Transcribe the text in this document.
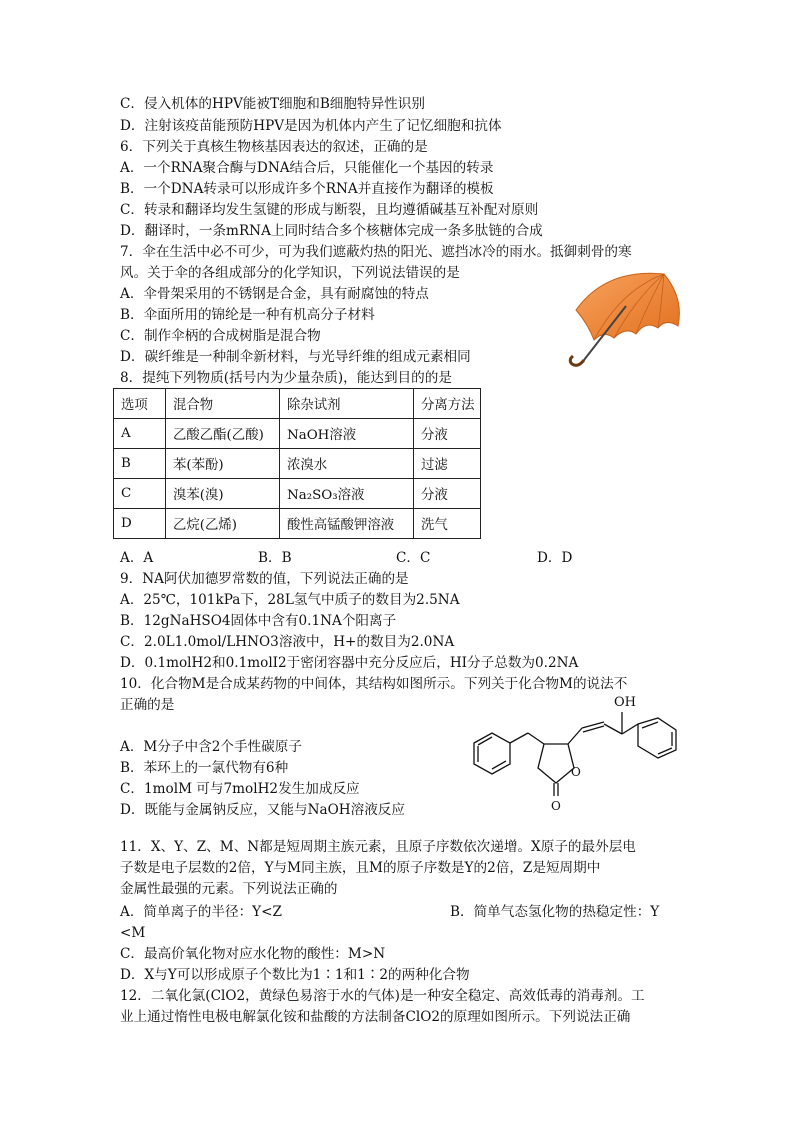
C．侵入机体的HPV能被T细胞和B细胞特异性识别
D．注射该疫苗能预防HPV是因为机体内产生了记忆细胞和抗体
6．下列关于真核生物核基因表达的叙述，正确的是
A．一个RNA聚合酶与DNA结合后，只能催化一个基因的转录
B．一个DNA转录可以形成许多个RNA并直接作为翻译的模板
C．转录和翻译均发生氢键的形成与断裂，且均遵循碱基互补配对原则
D．翻译时，一条mRNA上同时结合多个核糖体完成一条多肽链的合成
7．伞在生活中必不可少，可为我们遮蔽灼热的阳光、遮挡冰冷的雨水。抵御刺骨的寒
风。关于伞的各组成部分的化学知识，下列说法错误的是
A．伞骨架采用的不锈钢是合金，具有耐腐蚀的特点
B．伞面所用的锦纶是一种有机高分子材料
C．制作伞柄的合成树脂是混合物
D．碳纤维是一种制伞新材料，与光导纤维的组成元素相同
8．提纯下列物质(括号内为少量杂质)，能达到目的的是
选项	混合物	除杂试剂	分离方法
A	乙酸乙酯(乙酸)	NaOH溶液	分液
B	苯(苯酚)	浓溴水	过滤
C	溴苯(溴)	Na₂SO₃溶液	分液
D	乙烷(乙烯)	酸性高锰酸钾溶液	洗气
A．A	B．B	C．C	D．D
9．NA阿伏加德罗常数的值，下列说法正确的是
A．25℃，101kPa下，28L氢气中质子的数目为2.5NA
B．12gNaHSO4固体中含有0.1NA个阳离子
C．2.0L1.0mol/LHNO3溶液中，H+的数目为2.0NA
D．0.1molH2和0.1molI2于密闭容器中充分反应后，HI分子总数为0.2NA
10．化合物M是合成某药物的中间体，其结构如图所示。下列关于化合物M的说法不
正确的是
A．M分子中含2个手性碳原子
B．苯环上的一氯代物有6种
C．1molM 可与7molH2发生加成反应
D．既能与金属钠反应，又能与NaOH溶液反应
OH
O
O
11．X、Y、Z、M、N都是短周期主族元素，且原子序数依次递增。X原子的最外层电
子数是电子层数的2倍，Y与M同主族，且M的原子序数是Y的2倍，Z是短周期中
金属性最强的元素。下列说法正确的
A．简单离子的半径：Y<Z	B．简单气态氢化物的热稳定性：Y
<M
C．最高价氧化物对应水化物的酸性：M>N
D．X与Y可以形成原子个数比为1∶1和1∶2的两种化合物
12．二氧化氯(ClO2，黄绿色易溶于水的气体)是一种安全稳定、高效低毒的消毒剂。工
业上通过惰性电极电解氯化铵和盐酸的方法制备ClO2的原理如图所示。下列说法正确
